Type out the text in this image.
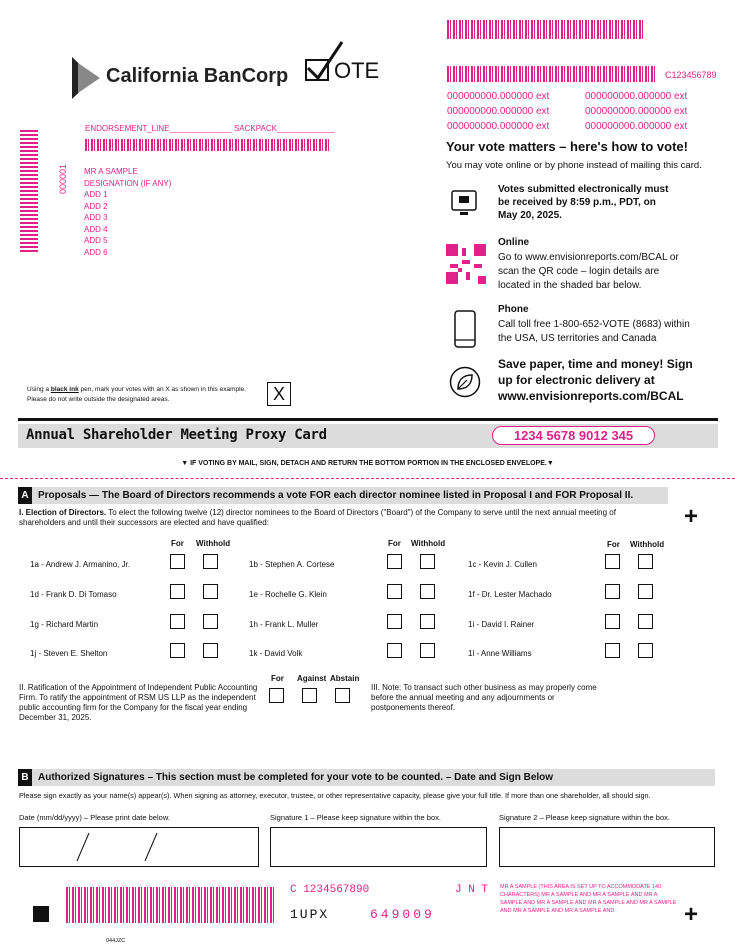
California BanCorp OTE	C123456789
000000000.000000 ext	000000000.000000 ext
000000000.000000 ext	000000000.000000 ext
000000000.000000 ext	000000000.000000 ext
ENDORSEMENT_LINE______________ SACKPACK_____________
000001 MR A SAMPLE
DESIGNATION (IF ANY)
ADD 1
ADD 2
ADD 3
ADD 4
ADD 5
ADD 6
Your vote matters – here's how to vote!
You may vote online or by phone instead of mailing this card.
Votes submitted electronically must be received by 8:59 p.m., PDT, on May 20, 2025.
Online
Go to www.envisionreports.com/BCAL or scan the QR code – login details are located in the shaded bar below.
Phone
Call toll free 1-800-652-VOTE (8683) within the USA, US territories and Canada
Save paper, time and money! Sign up for electronic delivery at www.envisionreports.com/BCAL
Using a black ink pen, mark your votes with an X as shown in this example.
Please do not write outside the designated areas.	X
Annual Shareholder Meeting Proxy Card	1234 5678 9012 345
▼ IF VOTING BY MAIL, SIGN, DETACH AND RETURN THE BOTTOM PORTION IN THE ENCLOSED ENVELOPE.▼
A Proposals — The Board of Directors recommends a vote FOR each director nominee listed in Proposal I and FOR Proposal II.
I. Election of Directors. To elect the following twelve (12) director nominees to the Board of Directors ("Board") of the Company to serve until the next annual meeting of shareholders and until their successors are elected and have qualified:	+
For Withhold	For Withhold	For Withhold
1a - Andrew J. Armanino, Jr.	1b - Stephen A. Cortese	1c - Kevin J. Cullen
1d - Frank D. Di Tomaso	1e - Rochelle G. Klein	1f - Dr. Lester Machado
1g - Richard Martin	1h - Frank L. Muller	1i - David I. Rainer
1j - Steven E. Shelton	1k - David Volk	1l - Anne Williams
II. Ratification of the Appointment of Independent Public Accounting Firm. To ratify the appointment of RSM US LLP as the independent public accounting firm for the Company for the fiscal year ending December 31, 2025.
For Against Abstain
III. Note: To transact such other business as may properly come before the annual meeting and any adjournments or postponements thereof.
B Authorized Signatures – This section must be completed for your vote to be counted. – Date and Sign Below
Please sign exactly as your name(s) appear(s). When signing as attorney, executor, trustee, or other representative capacity, please give your full title. If more than one shareholder, all should sign.
Date (mm/dd/yyyy) – Please print date below.	Signature 1 – Please keep signature within the box.	Signature 2 – Please keep signature within the box.
C 1234567890	J N T
1UPX	649009
MR A SAMPLE (THIS AREA IS SET UP TO ACCOMMODATE 140 CHARACTERS) MR A SAMPLE AND MR A SAMPLE AND MR A SAMPLE AND MR A SAMPLE AND MR A SAMPLE AND MR A SAMPLE AND MR A SAMPLE AND MR A SAMPLE AND	+
044JZC
